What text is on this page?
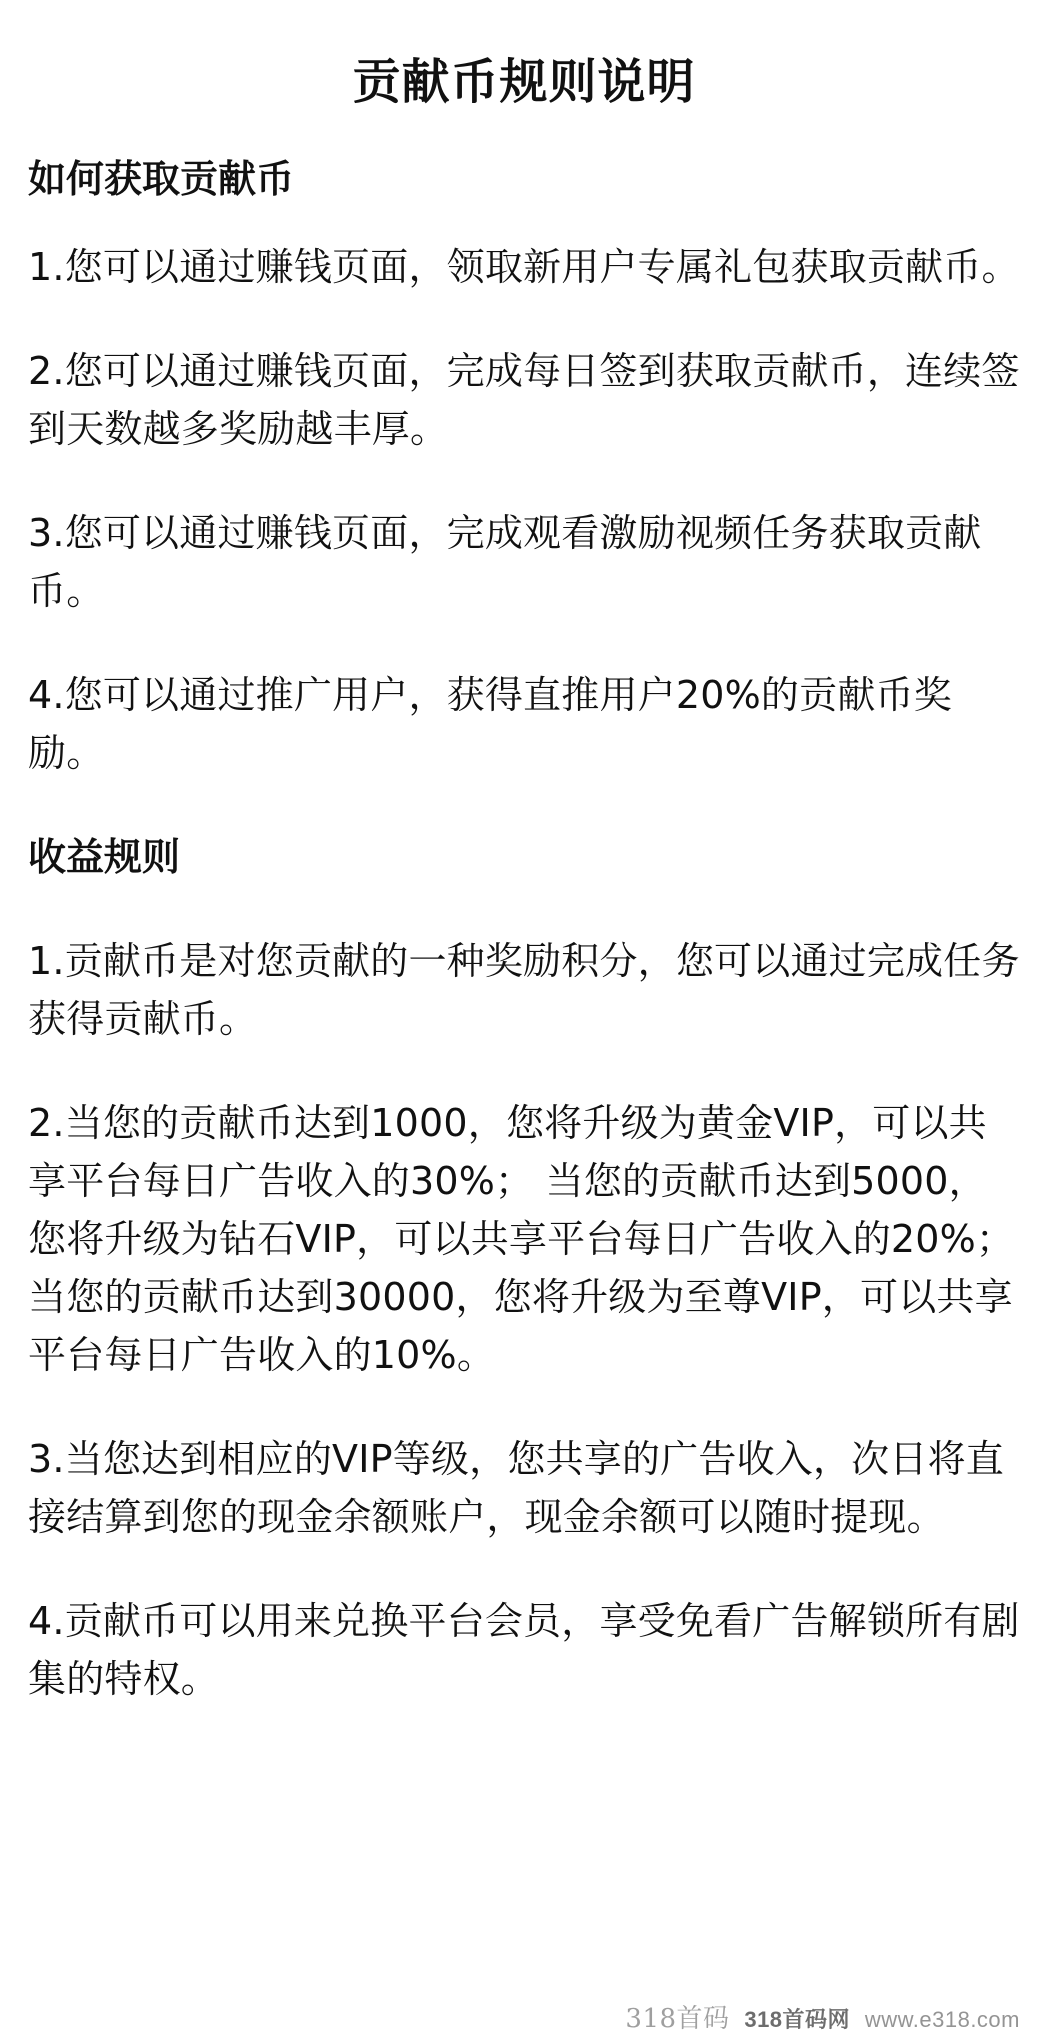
贡献币规则说明
如何获取贡献币

1.您可以通过赚钱页面，领取新用户专属礼包获取贡献币。

2.您可以通过赚钱页面，完成每日签到获取贡献币，连续签到天数越多奖励越丰厚。

3.您可以通过赚钱页面，完成观看激励视频任务获取贡献币。

4.您可以通过推广用户，获得直推用户20%的贡献币奖励。

收益规则

1.贡献币是对您贡献的一种奖励积分，您可以通过完成任务获得贡献币。

2.当您的贡献币达到1000，您将升级为黄金VIP，可以共享平台每日广告收入的30%； 当您的贡献币达到5000，您将升级为钻石VIP，可以共享平台每日广告收入的20%； 当您的贡献币达到30000，您将升级为至尊VIP，可以共享平台每日广告收入的10%。

3.当您达到相应的VIP等级，您共享的广告收入，次日将直接结算到您的现金余额账户，现金余额可以随时提现。

4.贡献币可以用来兑换平台会员，享受免看广告解锁所有剧集的特权。

318首码 318首码网 www.e318.com
